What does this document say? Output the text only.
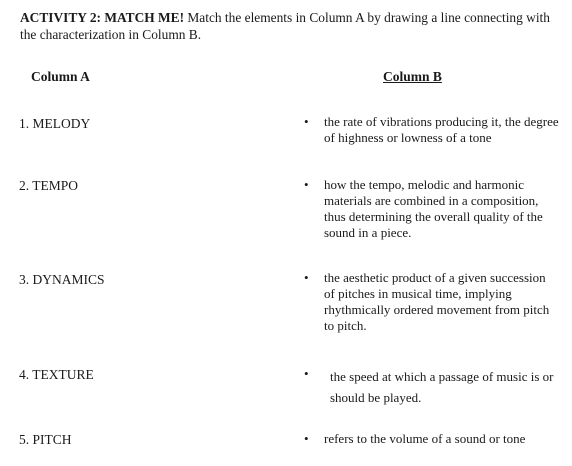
ACTIVITY 2: MATCH ME! Match the elements in Column A by drawing a line connecting with the characterization in Column B.
Column A	Column B
1. MELODY
2. TEMPO
3. DYNAMICS
4. TEXTURE
5. PITCH
•
•
•
•
•
the rate of vibrations producing it, the degree of highness or lowness of a tone
how the tempo, melodic and harmonic materials are combined in a composition, thus determining the overall quality of the sound in a piece.
the aesthetic product of a given succession of pitches in musical time, implying rhythmically ordered movement from pitch to pitch.
the speed at which a passage of music is or should be played.
refers to the volume of a sound or tone
